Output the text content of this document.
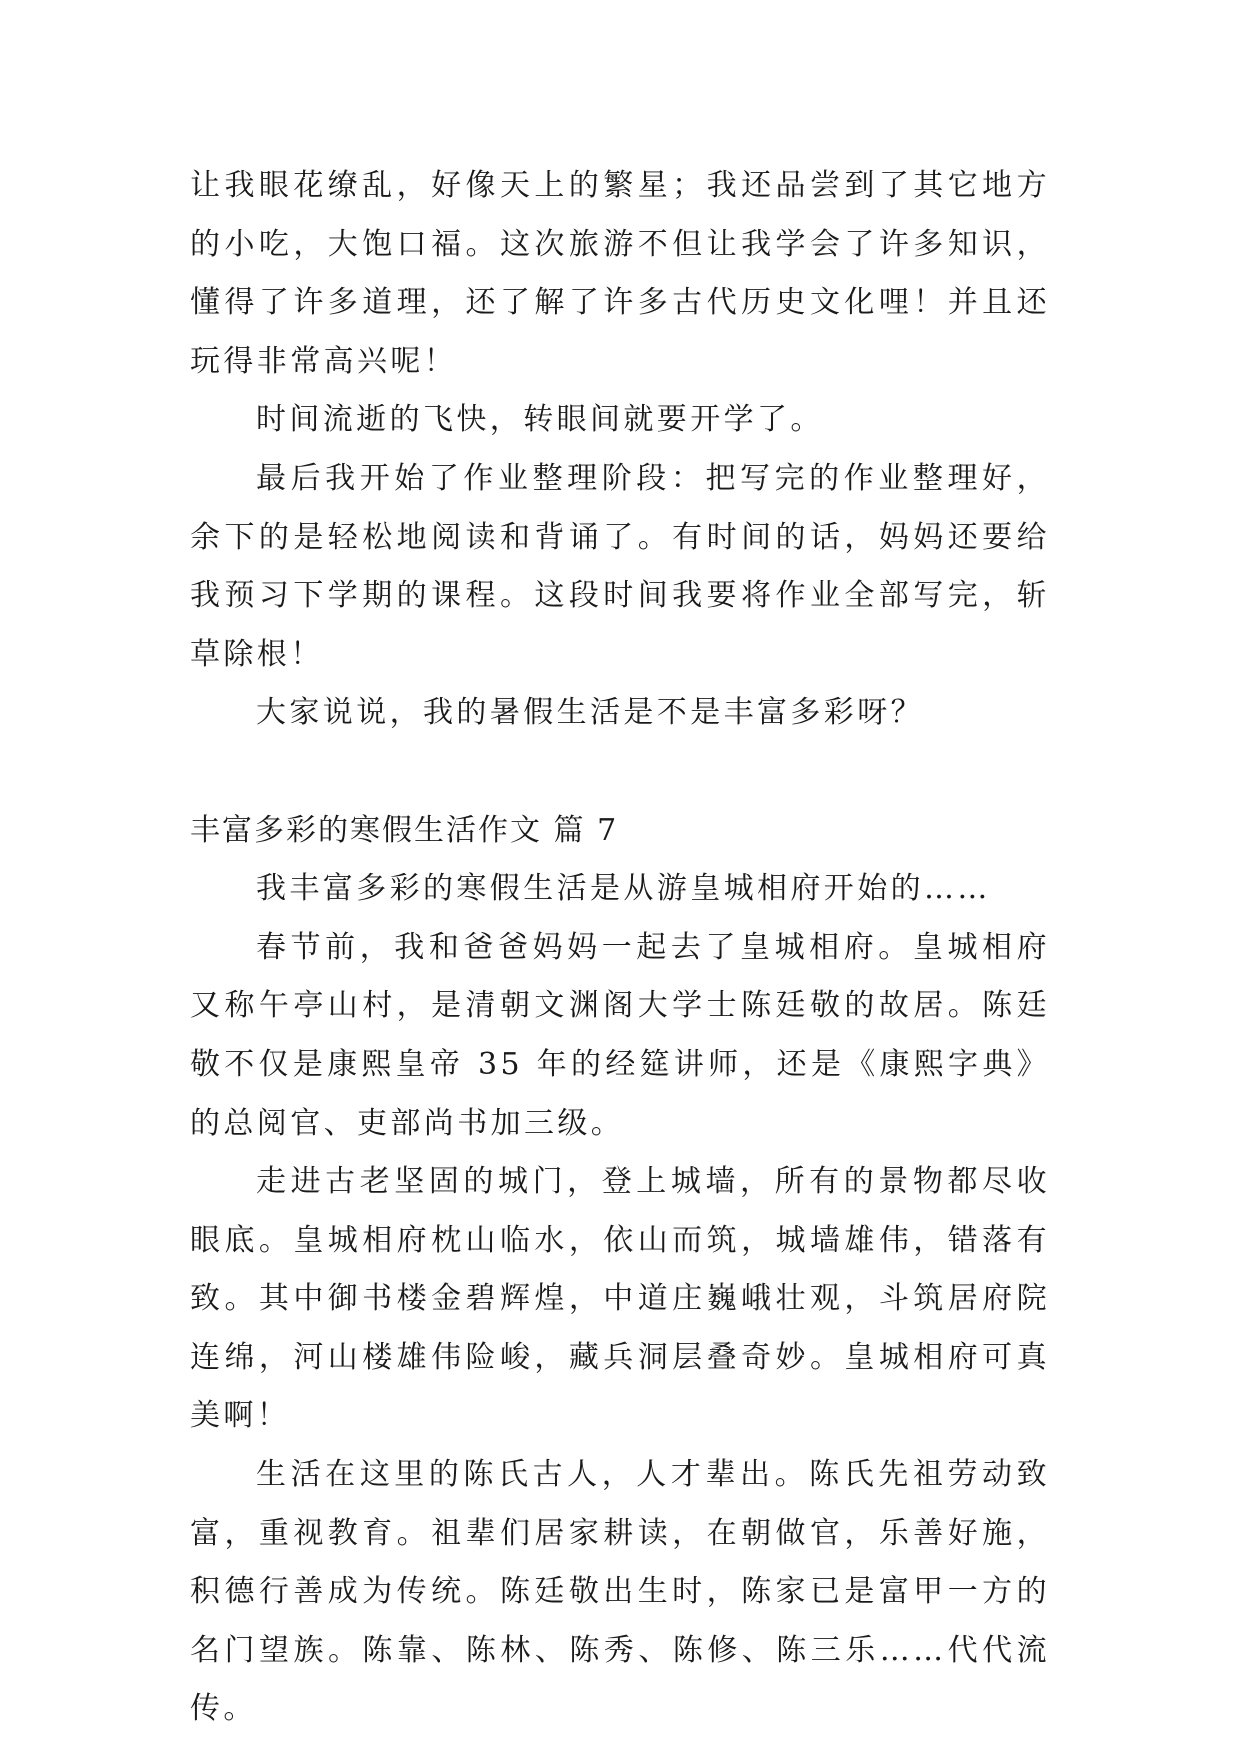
让我眼花缭乱，好像天上的繁星；我还品尝到了其它地方的小吃，大饱口福。这次旅游不但让我学会了许多知识，懂得了许多道理，还了解了许多古代历史文化哩！并且还玩得非常高兴呢！

时间流逝的飞快，转眼间就要开学了。

最后我开始了作业整理阶段：把写完的作业整理好，余下的是轻松地阅读和背诵了。有时间的话，妈妈还要给我预习下学期的课程。这段时间我要将作业全部写完，斩草除根！

大家说说，我的暑假生活是不是丰富多彩呀？

丰富多彩的寒假生活作文 篇 7

我丰富多彩的寒假生活是从游皇城相府开始的……

春节前，我和爸爸妈妈一起去了皇城相府。皇城相府又称午亭山村，是清朝文渊阁大学士陈廷敬的故居。陈廷敬不仅是康熙皇帝 35 年的经筵讲师，还是《康熙字典》的总阅官、吏部尚书加三级。

走进古老坚固的城门，登上城墙，所有的景物都尽收眼底。皇城相府枕山临水，依山而筑，城墙雄伟，错落有致。其中御书楼金碧辉煌，中道庄巍峨壮观，斗筑居府院连绵，河山楼雄伟险峻，藏兵洞层叠奇妙。皇城相府可真美啊！

生活在这里的陈氏古人，人才辈出。陈氏先祖劳动致富，重视教育。祖辈们居家耕读，在朝做官，乐善好施，积德行善成为传统。陈廷敬出生时，陈家已是富甲一方的名门望族。陈靠、陈林、陈秀、陈修、陈三乐……代代流传。
